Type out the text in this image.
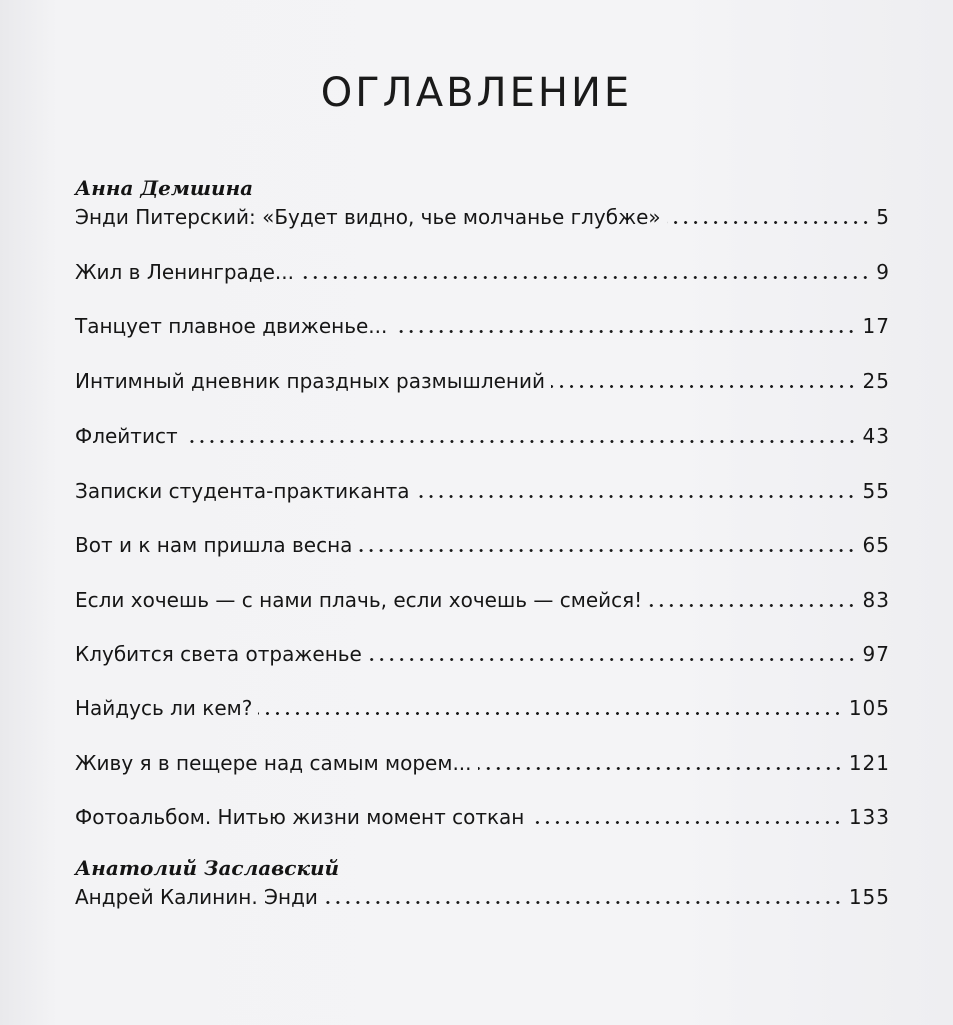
ОГЛАВЛЕНИЕ
Анна Демшина
Энди Питерский: «Будет видно, чье молчанье глубже»	5
Жил в Ленинграде...	9
Танцует плавное движенье...	17
Интимный дневник праздных размышлений	25
Флейтист	43
Записки студента-практиканта	55
Вот и к нам пришла весна	65
Если хочешь — с нами плачь, если хочешь — смейся!	83
Клубится света отраженье	97
Найдусь ли кем?	105
Живу я в пещере над самым морем...	121
Фотоальбом. Нитью жизни момент соткан	133
Андрей Калинин. Энди	155
Анатолий Заславский
